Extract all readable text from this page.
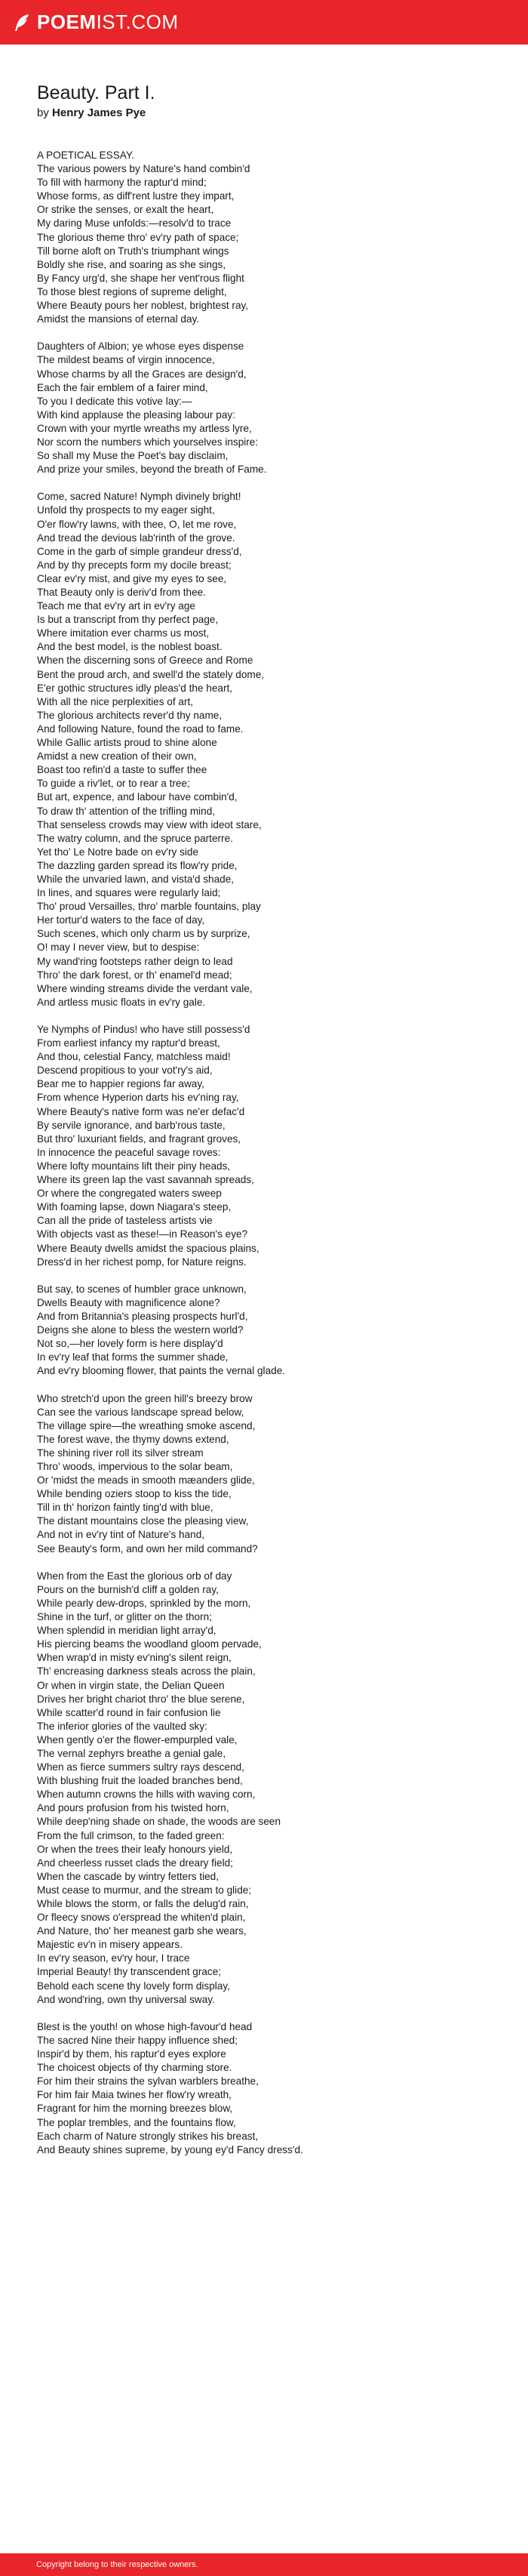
POEM IST.COM
Beauty. Part I.
by Henry James Pye
A POETICAL ESSAY.
The various powers by Nature's hand combin'd
To fill with harmony the raptur'd mind;
Whose forms, as diff'rent lustre they impart,
Or strike the senses, or exalt the heart,
My daring Muse unfolds:—resolv'd to trace
The glorious theme thro' ev'ry path of space;
Till borne aloft on Truth's triumphant wings
Boldly she rise, and soaring as she sings,
By Fancy urg'd, she shape her vent'rous flight
To those blest regions of supreme delight,
Where Beauty pours her noblest, brightest ray,
Amidst the mansions of eternal day.
Daughters of Albion; ye whose eyes dispense
The mildest beams of virgin innocence,
Whose charms by all the Graces are design'd,
Each the fair emblem of a fairer mind,
To you I dedicate this votive lay:—
With kind applause the pleasing labour pay:
Crown with your myrtle wreaths my artless lyre,
Nor scorn the numbers which yourselves inspire:
So shall my Muse the Poet's bay disclaim,
And prize your smiles, beyond the breath of Fame.
Come, sacred Nature! Nymph divinely bright!
Unfold thy prospects to my eager sight,
O'er flow'ry lawns, with thee, O, let me rove,
And tread the devious lab'rinth of the grove.
Come in the garb of simple grandeur dress'd,
And by thy precepts form my docile breast;
Clear ev'ry mist, and give my eyes to see,
That Beauty only is deriv'd from thee.
Teach me that ev'ry art in ev'ry age
Is but a transcript from thy perfect page,
Where imitation ever charms us most,
And the best model, is the noblest boast.
When the discerning sons of Greece and Rome
Bent the proud arch, and swell'd the stately dome,
E'er gothic structures idly pleas'd the heart,
With all the nice perplexities of art,
The glorious architects rever'd thy name,
And following Nature, found the road to fame.
While Gallic artists proud to shine alone
Amidst a new creation of their own,
Boast too refin'd a taste to suffer thee
To guide a riv'let, or to rear a tree;
But art, expence, and labour have combin'd,
To draw th' attention of the trifling mind,
That senseless crowds may view with ideot stare,
The watry column, and the spruce parterre.
Yet tho' Le Notre bade on ev'ry side
The dazzling garden spread its flow'ry pride,
While the unvaried lawn, and vista'd shade,
In lines, and squares were regularly laid;
Tho' proud Versailles, thro' marble fountains, play
Her tortur'd waters to the face of day,
Such scenes, which only charm us by surprize,
O! may I never view, but to despise:
My wand'ring footsteps rather deign to lead
Thro' the dark forest, or th' enamel'd mead;
Where winding streams divide the verdant vale,
And artless music floats in ev'ry gale.
Ye Nymphs of Pindus! who have still possess'd
From earliest infancy my raptur'd breast,
And thou, celestial Fancy, matchless maid!
Descend propitious to your vot'ry's aid,
Bear me to happier regions far away,
From whence Hyperion darts his ev'ning ray,
Where Beauty's native form was ne'er defac'd
By servile ignorance, and barb'rous taste,
But thro' luxuriant fields, and fragrant groves,
In innocence the peaceful savage roves:
Where lofty mountains lift their piny heads,
Where its green lap the vast savannah spreads,
Or where the congregated waters sweep
With foaming lapse, down Niagara's steep,
Can all the pride of tasteless artists vie
With objects vast as these!—in Reason's eye?
Where Beauty dwells amidst the spacious plains,
Dress'd in her richest pomp, for Nature reigns.
But say, to scenes of humbler grace unknown,
Dwells Beauty with magnificence alone?
And from Britannia's pleasing prospects hurl'd,
Deigns she alone to bless the western world?
Not so,—her lovely form is here display'd
In ev'ry leaf that forms the summer shade,
And ev'ry blooming flower, that paints the vernal glade.
Who stretch'd upon the green hill's breezy brow
Can see the various landscape spread below,
The village spire—the wreathing smoke ascend,
The forest wave, the thymy downs extend,
The shining river roll its silver stream
Thro' woods, impervious to the solar beam,
Or 'midst the meads in smooth mæanders glide,
While bending oziers stoop to kiss the tide,
Till in th' horizon faintly ting'd with blue,
The distant mountains close the pleasing view,
And not in ev'ry tint of Nature's hand,
See Beauty's form, and own her mild command?
When from the East the glorious orb of day
Pours on the burnish'd cliff a golden ray,
While pearly dew-drops, sprinkled by the morn,
Shine in the turf, or glitter on the thorn;
When splendid in meridian light array'd,
His piercing beams the woodland gloom pervade,
When wrap'd in misty ev'ning's silent reign,
Th' encreasing darkness steals across the plain,
Or when in virgin state, the Delian Queen
Drives her bright chariot thro' the blue serene,
While scatter'd round in fair confusion lie
The inferior glories of the vaulted sky:
When gently o'er the flower-empurpled vale,
The vernal zephyrs breathe a genial gale,
When as fierce summers sultry rays descend,
With blushing fruit the loaded branches bend,
When autumn crowns the hills with waving corn,
And pours profusion from his twisted horn,
While deep'ning shade on shade, the woods are seen
From the full crimson, to the faded green:
Or when the trees their leafy honours yield,
And cheerless russet clads the dreary field;
When the cascade by wintry fetters tied,
Must cease to murmur, and the stream to glide;
While blows the storm, or falls the delug'd rain,
Or fleecy snows o'erspread the whiten'd plain,
And Nature, tho' her meanest garb she wears,
Majestic ev'n in misery appears.
In ev'ry season, ev'ry hour, I trace
Imperial Beauty! thy transcendent grace;
Behold each scene thy lovely form display,
And wond'ring, own thy universal sway.
Blest is the youth! on whose high-favour'd head
The sacred Nine their happy influence shed;
Inspir'd by them, his raptur'd eyes explore
The choicest objects of thy charming store.
For him their strains the sylvan warblers breathe,
For him fair Maia twines her flow'ry wreath,
Fragrant for him the morning breezes blow,
The poplar trembles, and the fountains flow,
Each charm of Nature strongly strikes his breast,
And Beauty shines supreme, by young ey'd Fancy dress'd.
Copyright belong to their respective owners.
